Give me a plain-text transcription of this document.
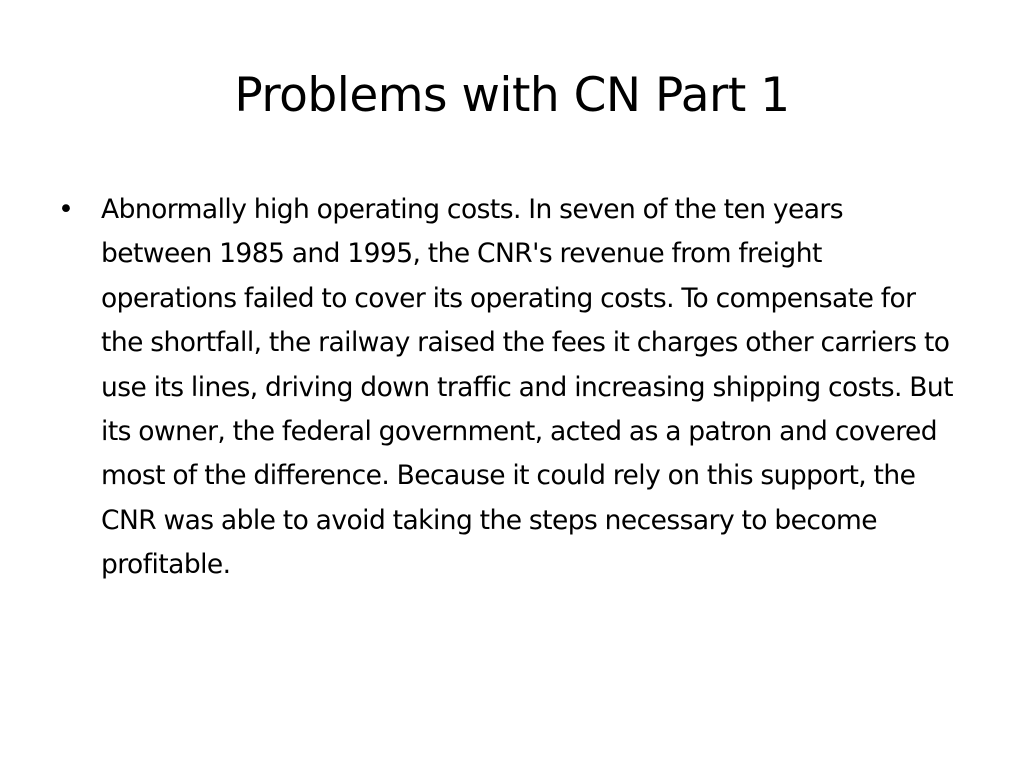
Problems with CN Part 1
• Abnormally high operating costs. In seven of the ten years between 1985 and 1995, the CNR's revenue from freight operations failed to cover its operating costs. To compensate for the shortfall, the railway raised the fees it charges other carriers to use its lines, driving down traffic and increasing shipping costs. But its owner, the federal government, acted as a patron and covered most of the difference. Because it could rely on this support, the CNR was able to avoid taking the steps necessary to become profitable.
